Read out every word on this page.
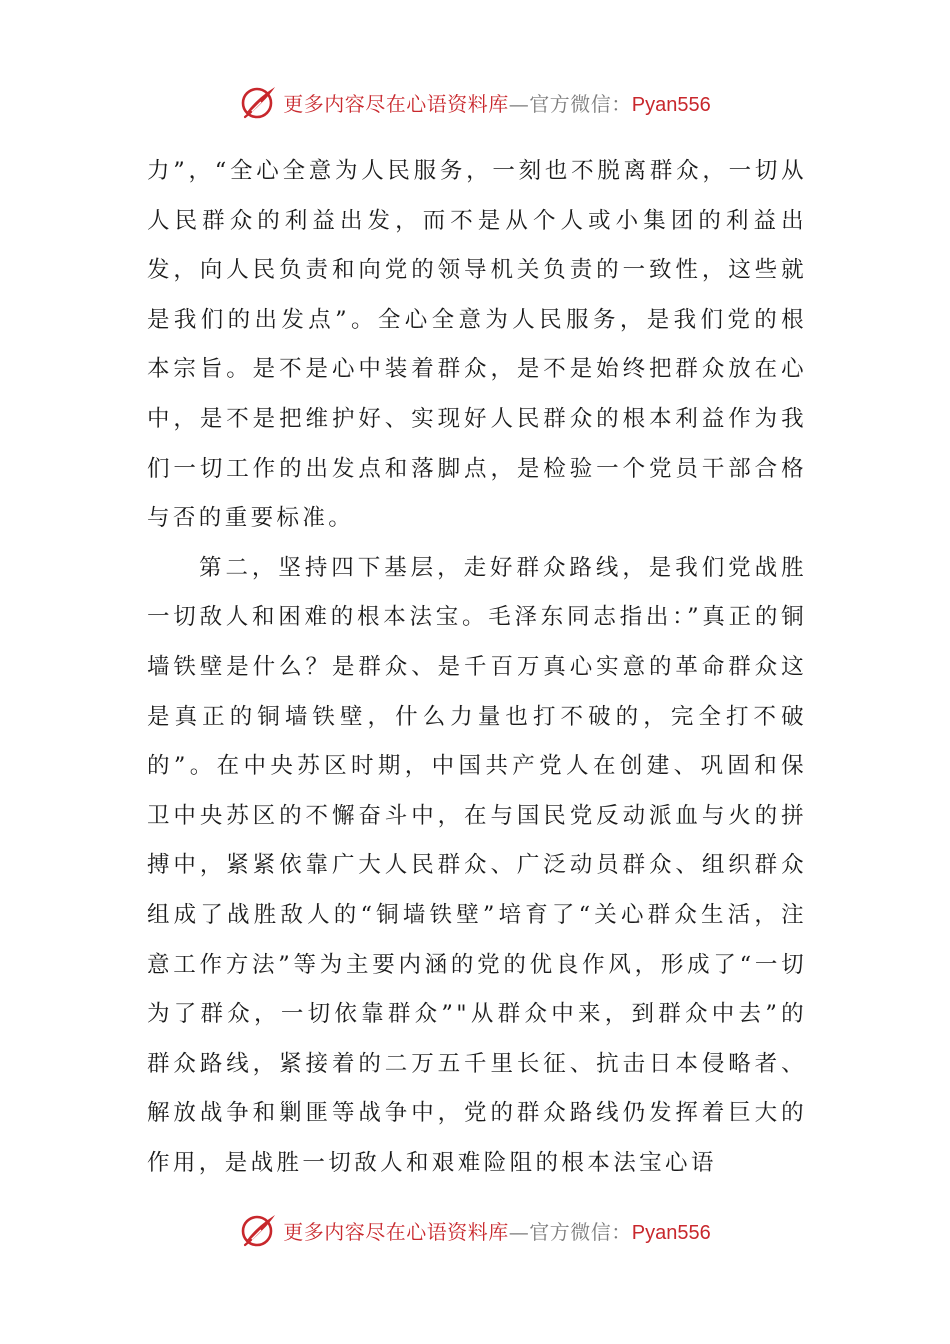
更多内容尽在心语资料库—官方微信：Pyan556

力”，“全心全意为人民服务，一刻也不脱离群众，一切从人民群众的利益出发，而不是从个人或小集团的利益出发，向人民负责和向党的领导机关负责的一致性，这些就是我们的出发点”。全心全意为人民服务，是我们党的根本宗旨。是不是心中装着群众，是不是始终把群众放在心中，是不是把维护好、实现好人民群众的根本利益作为我们一切工作的出发点和落脚点，是检验一个党员干部合格与否的重要标准。

第二，坚持四下基层，走好群众路线，是我们党战胜一切敌人和困难的根本法宝。毛泽东同志指出：”真正的铜墙铁壁是什么？是群众、是千百万真心实意的革命群众这是真正的铜墙铁壁，什么力量也打不破的，完全打不破的”。在中央苏区时期，中国共产党人在创建、巩固和保卫中央苏区的不懈奋斗中，在与国民党反动派血与火的拼搏中，紧紧依靠广大人民群众、广泛动员群众、组织群众组成了战胜敌人的“铜墙铁壁”培育了“关心群众生活，注意工作方法”等为主要内涵的党的优良作风，形成了“一切为了群众，一切依靠群众”"从群众中来，到群众中去”的群众路线，紧接着的二万五千里长征、抗击日本侵略者、解放战争和剿匪等战争中，党的群众路线仍发挥着巨大的作用，是战胜一切敌人和艰难险阻的根本法宝心语

更多内容尽在心语资料库—官方微信：Pyan556
